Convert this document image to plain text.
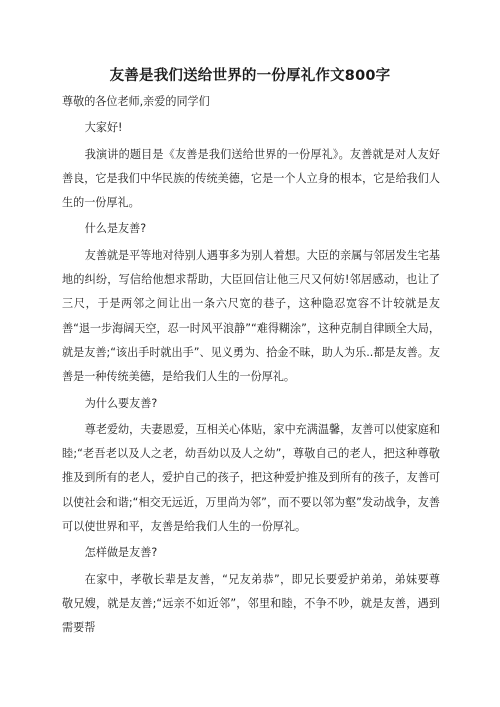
友善是我们送给世界的一份厚礼作文800字

尊敬的各位老师,亲爱的同学们

大家好!

我演讲的题目是《友善是我们送给世界的一份厚礼》。友善就是对人友好善良，它是我们中华民族的传统美德，它是一个人立身的根本，它是给我们人生的一份厚礼。

什么是友善?

友善就是平等地对待别人遇事多为别人着想。大臣的亲属与邻居发生宅基地的纠纷，写信给他想求帮助，大臣回信让他三尺又何妨!邻居感动，也让了三尺，于是两邻之间让出一条六尺宽的巷子，这种隐忍宽容不计较就是友善“退一步海阔天空，忍一时风平浪静”“难得糊涂”，这种克制自律顾全大局，就是友善;“该出手时就出手”、见义勇为、拾金不昧，助人为乐..都是友善。友善是一种传统美德，是给我们人生的一份厚礼。

为什么要友善?

尊老爱幼，夫妻恩爱，互相关心体贴，家中充满温馨，友善可以使家庭和睦;“老吾老以及人之老，幼吾幼以及人之幼”，尊敬自己的老人，把这种尊敬推及到所有的老人，爱护自己的孩子，把这种爱护推及到所有的孩子，友善可以使社会和谐;“相交无远近，万里尚为邻”，而不要以邻为壑”发动战争，友善可以使世界和平，友善是给我们人生的一份厚礼。

怎样做是友善?

在家中，孝敬长辈是友善，“兄友弟恭”，即兄长要爱护弟弟，弟妹要尊敬兄嫂，就是友善;“远亲不如近邻”，邻里和睦，不争不吵，就是友善，遇到需要帮
